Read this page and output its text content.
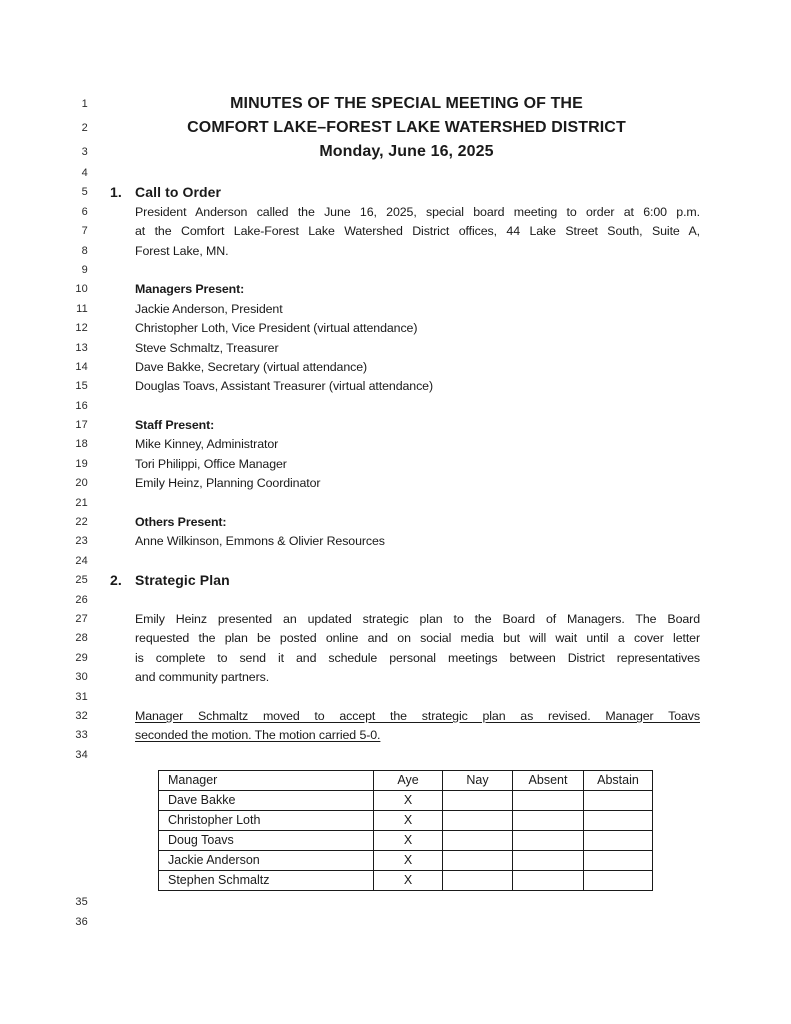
1	MINUTES OF THE SPECIAL MEETING OF THE
2	COMFORT LAKE–FOREST LAKE WATERSHED DISTRICT
3	Monday, June 16, 2025
4
5 1. Call to Order
6	President Anderson called the June 16, 2025, special board meeting to order at 6:00 p.m.
7	at the Comfort Lake-Forest Lake Watershed District offices, 44 Lake Street South, Suite A,
8	Forest Lake, MN.
9
10	Managers Present:
11	Jackie Anderson, President
12	Christopher Loth, Vice President (virtual attendance)
13	Steve Schmaltz, Treasurer
14	Dave Bakke, Secretary (virtual attendance)
15	Douglas Toavs, Assistant Treasurer (virtual attendance)
16
17	Staff Present:
18	Mike Kinney, Administrator
19	Tori Philippi, Office Manager
20	Emily Heinz, Planning Coordinator
21
22	Others Present:
23	Anne Wilkinson, Emmons & Olivier Resources
24
25 2. Strategic Plan
26
27	Emily Heinz presented an updated strategic plan to the Board of Managers. The Board
28	requested the plan be posted online and on social media but will wait until a cover letter
29	is complete to send it and schedule personal meetings between District representatives
30	and community partners.
31
32	Manager Schmaltz moved to accept the strategic plan as revised. Manager Toavs
33	seconded the motion. The motion carried 5-0.
34
Manager	Aye	Nay	Absent	Abstain
Dave Bakke	X			
Christopher Loth	X			
Doug Toavs	X			
Jackie Anderson	X			
Stephen Schmaltz	X			
35
36
